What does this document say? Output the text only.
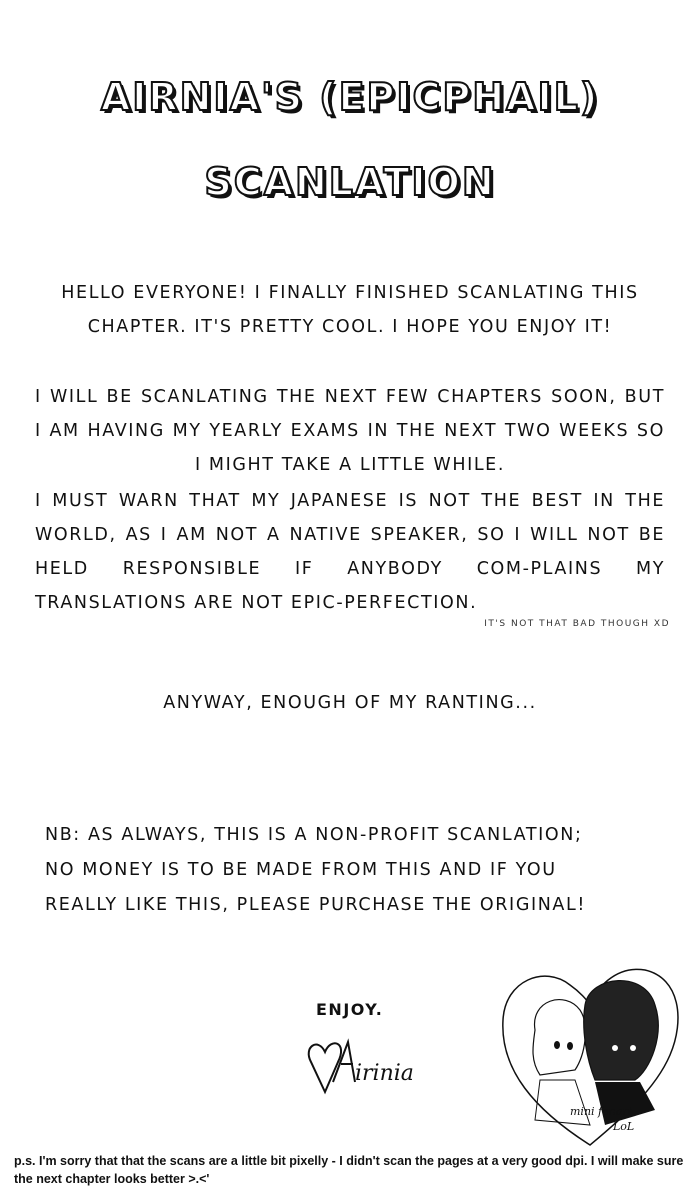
AIRNIA'S (EPICPHAIL)
SCANLATION
HELLO EVERYONE! I FINALLY FINISHED SCANLATING THIS CHAPTER. IT'S PRETTY COOL. I HOPE YOU ENJOY IT!
I WILL BE SCANLATING THE NEXT FEW CHAPTERS SOON, BUT I AM HAVING MY YEARLY EXAMS IN THE NEXT TWO WEEKS SO I MIGHT TAKE A LITTLE WHILE.
I MUST WARN THAT MY JAPANESE IS NOT THE BEST IN THE WORLD, AS I AM NOT A NATIVE SPEAKER, SO I WILL NOT BE HELD RESPONSIBLE IF ANYBODY COM-PLAINS MY TRANSLATIONS ARE NOT EPIC-PERFECTION.
IT'S NOT THAT BAD THOUGH XD
ANYWAY, ENOUGH OF MY RANTING...
NB: AS ALWAYS, THIS IS A NON-PROFIT SCANLATION; NO MONEY IS TO BE MADE FROM THIS AND IF YOU REALLY LIKE THIS, PLEASE PURCHASE THE ORIGINAL!
ENJOY.
irinia
mini fanart
LoL
p.s. I'm sorry that that the scans are a little bit pixelly - I didn't scan the pages at a very good dpi. I will make sure the next chapter looks better >.<'
